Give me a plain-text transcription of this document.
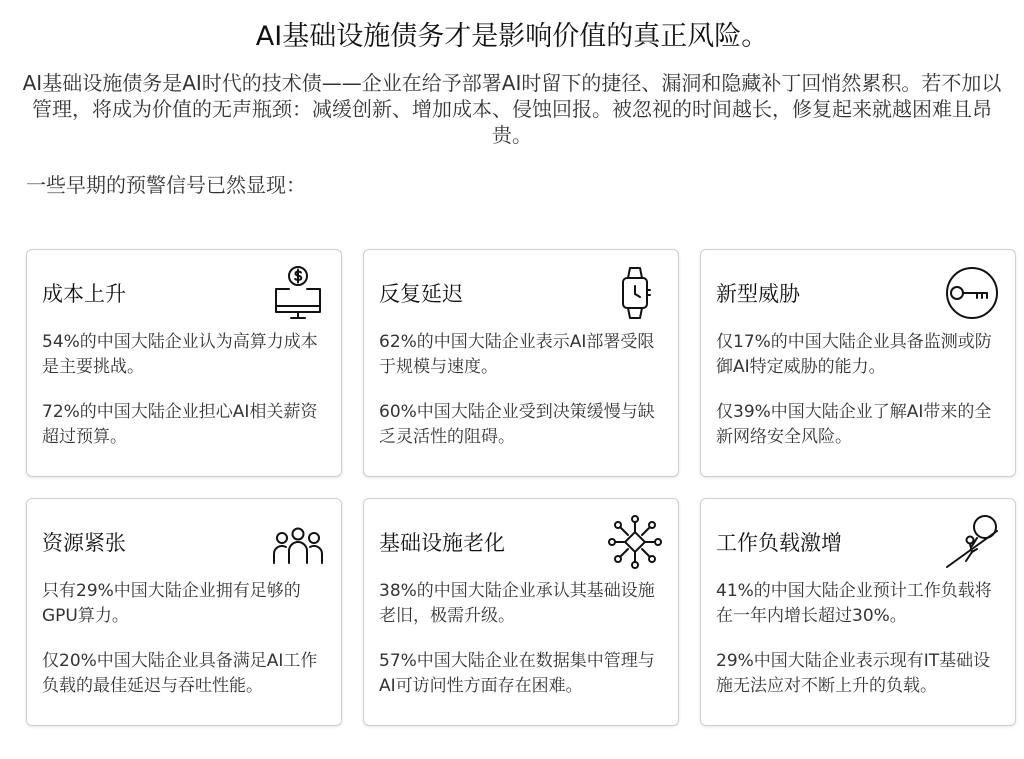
AI基础设施债务才是影响价值的真正风险。

AI基础设施债务是AI时代的技术债——企业在给予部署AI时留下的捷径、漏洞和隐藏补丁回悄然累积。若不加以管理，将成为价值的无声瓶颈：减缓创新、增加成本、侵蚀回报。被忽视的时间越长，修复起来就越困难且昂贵。

一些早期的预警信号已然显现：
成本上升

54%的中国大陆企业认为高算力成本是主要挑战。

72%的中国大陆企业担心AI相关薪资超过预算。

反复延迟

62%的中国大陆企业表示AI部署受限于规模与速度。

60%中国大陆企业受到决策缓慢与缺乏灵活性的阻碍。

新型威胁

仅17%的中国大陆企业具备监测或防御AI特定威胁的能力。

仅39%中国大陆企业了解AI带来的全新网络安全风险。

资源紧张

只有29%中国大陆企业拥有足够的GPU算力。

仅20%中国大陆企业具备满足AI工作负载的最佳延迟与吞吐性能。

基础设施老化

38%的中国大陆企业承认其基础设施老旧，极需升级。

57%中国大陆企业在数据集中管理与AI可访问性方面存在困难。

工作负载激增

41%的中国大陆企业预计工作负载将在一年内增长超过30%。

29%中国大陆企业表示现有IT基础设施无法应对不断上升的负载。
